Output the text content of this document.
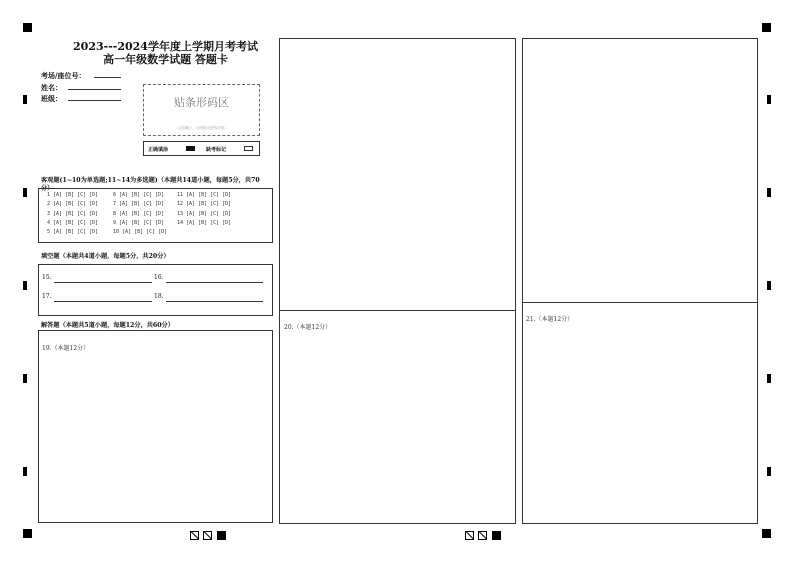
2023---2024学年度上学期月考考试
高一年级数学试题 答题卡
考场/座位号：
姓名：
班级：	贴条形码区
（正面朝上，切勿贴出虚线方框）
正确填涂	缺考标记
客观题(1~10为单选题;11~14为多选题)（本题共14道小题，每题5分，共70
分）
1 [A] [B] [C] [D]	6 [A] [B] [C] [D]	11 [A] [B] [C] [D]
2 [A] [B] [C] [D]	7 [A] [B] [C] [D]	12 [A] [B] [C] [D]
3 [A] [B] [C] [D]	8 [A] [B] [C] [D]	13 [A] [B] [C] [D]
4 [A] [B] [C] [D]	9 [A] [B] [C] [D]	14 [A] [B] [C] [D]
5 [A] [B] [C] [D]	10 [A] [B] [C] [D]
填空题（本题共4道小题，每题5分，共20分）
15.	16.
17.	18.
解答题（本题共5道小题，每题12分，共60分）
19.（本题12分）
20.（本题12分）
21.（本题12分）
